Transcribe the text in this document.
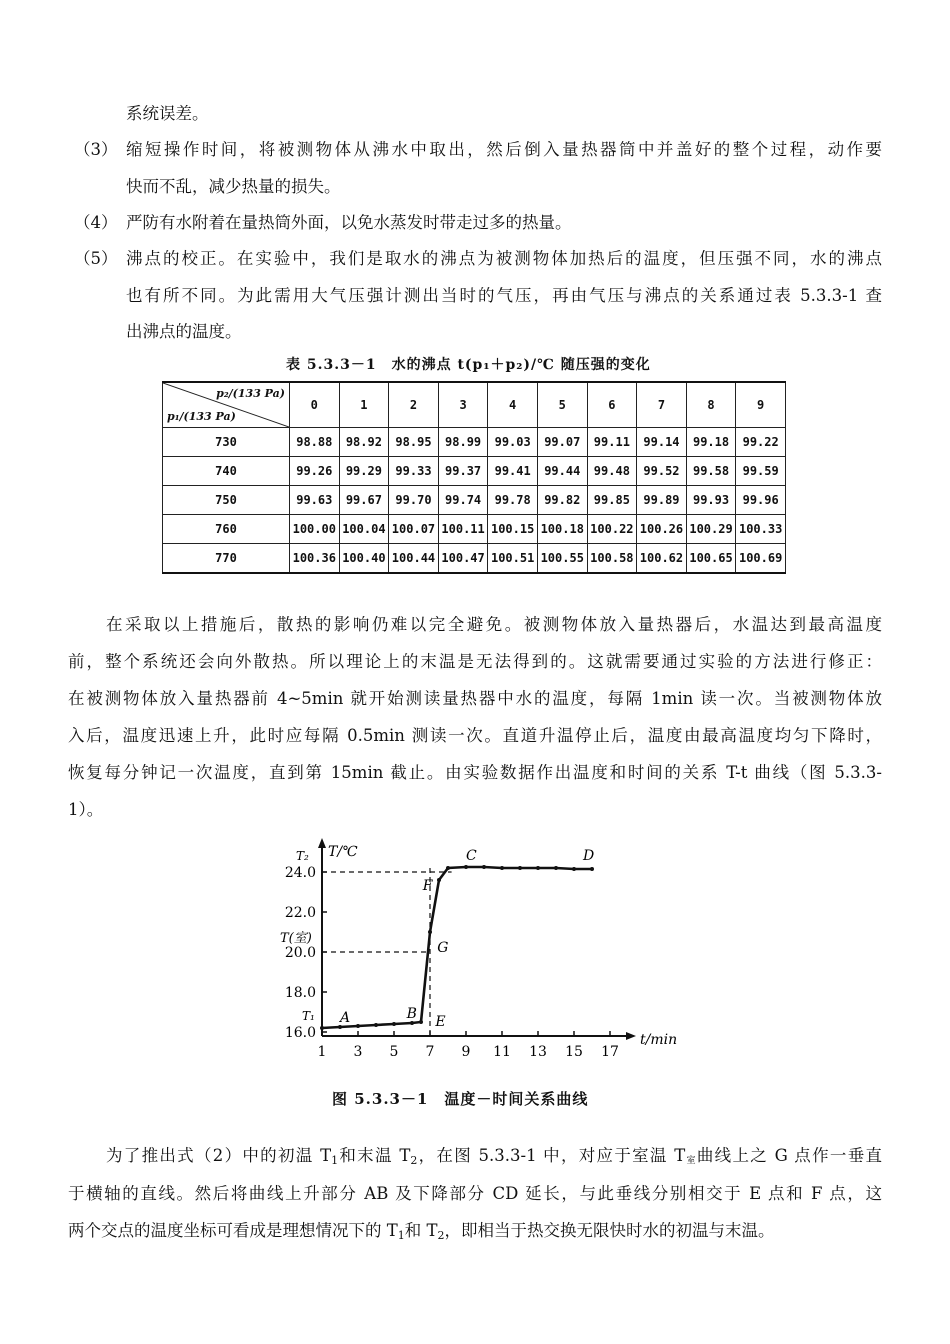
系统误差。
（3） 缩短操作时间，将被测物体从沸水中取出，然后倒入量热器筒中并盖好的整个过程，动作要
快而不乱，减少热量的损失。
（4） 严防有水附着在量热筒外面，以免水蒸发时带走过多的热量。
（5） 沸点的校正。在实验中，我们是取水的沸点为被测物体加热后的温度，但压强不同，水的沸点
也有所不同。为此需用大气压强计测出当时的气压，再由气压与沸点的关系通过表 5.3.3-1 查
出沸点的温度。
表 5.3.3－1　水的沸点 t(p₁＋p₂)/℃ 随压强的变化
p₂/(133 Pa)
p₁/(133 Pa)	0	1	2	3	4	5	6	7	8	9
730	98.88	98.92	98.95	98.99	99.03	99.07	99.11	99.14	99.18	99.22
740	99.26	99.29	99.33	99.37	99.41	99.44	99.48	99.52	99.58	99.59
750	99.63	99.67	99.70	99.74	99.78	99.82	99.85	99.89	99.93	99.96
760	100.00	100.04	100.07	100.11	100.15	100.18	100.22	100.26	100.29	100.33
770	100.36	100.40	100.44	100.47	100.51	100.55	100.58	100.62	100.65	100.69
在采取以上措施后，散热的影响仍难以完全避免。被测物体放入量热器后，水温达到最高温度
前，整个系统还会向外散热。所以理论上的末温是无法得到的。这就需要通过实验的方法进行修正：
在被测物体放入量热器前 4~5min 就开始测读量热器中水的温度，每隔 1min 读一次。当被测物体放
入后，温度迅速上升，此时应每隔 0.5min 测读一次。直道升温停止后，温度由最高温度均匀下降时，
恢复每分钟记一次温度，直到第 15min 截止。由实验数据作出温度和时间的关系 T-t 曲线（图 5.3.3-
1）。
1 3 5 7 9 11 13 15 17
t/min
16.0
18.0
20.0
22.0
24.0
T/℃
T₂
T(室)
T₁ A	B
C	D
E
F
G
图 5.3.3－1　温度－时间关系曲线
为了推出式（2）中的初温 $T_1$和末温 $T_2$，在图 5.3.3-1 中，对应于室温 $T_室$曲线上之 G 点作一垂直
于横轴的直线。然后将曲线上升部分 AB 及下降部分 CD 延长，与此垂线分别相交于 E 点和 F 点，这
两个交点的温度坐标可看成是理想情况下的 $T_1$和 $T_2$，即相当于热交换无限快时水的初温与末温。
